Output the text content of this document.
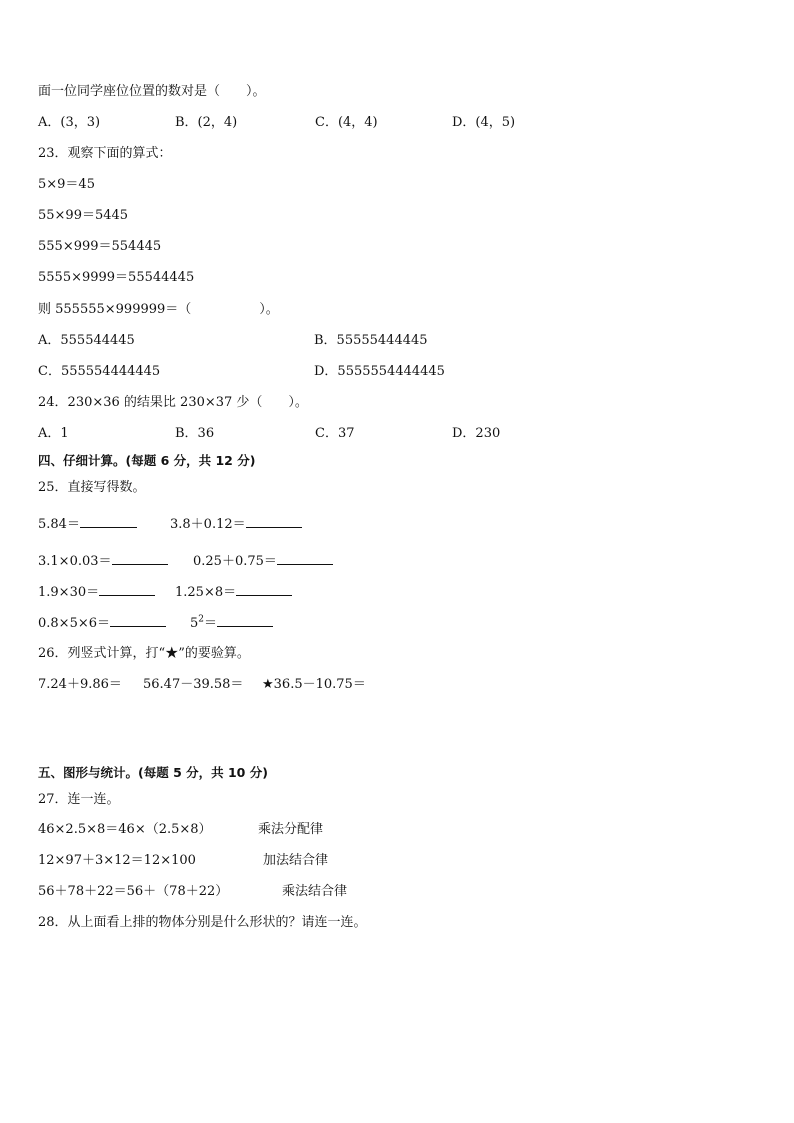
面一位同学座位位置的数对是（　　）。
A．(3，3)	B．(2，4)	C．(4，4)	D．(4，5)
23．观察下面的算式：
5×9＝45
55×99＝5445
555×999＝554445
5555×9999＝55544445
则 555555×999999＝（	）。
A．555544445	B．55555444445
C．555554444445	D．5555554444445
24．230×36 的结果比 230×37 少（　　）。
A．1	B．36	C．37	D．230
四、仔细计算。(每题 6 分，共 12 分)
25．直接写得数。
5.84＝	3.8＋0.12＝
3.1×0.03＝	0.25＋0.75＝
1.9×30＝	1.25×8＝
0.8×5×6＝	$5^2=$
26．列竖式计算，打“★”的要验算。
7.24＋9.86＝ 56.47－39.58＝ ★36.5－10.75＝
五、图形与统计。(每题 5 分，共 10 分)
27．连一连。
46×2.5×8＝46×（2.5×8）	乘法分配律
12×97＋3×12＝12×100	加法结合律
56＋78＋22＝56＋（78＋22）	乘法结合律
28．从上面看上排的物体分别是什么形状的？请连一连。
